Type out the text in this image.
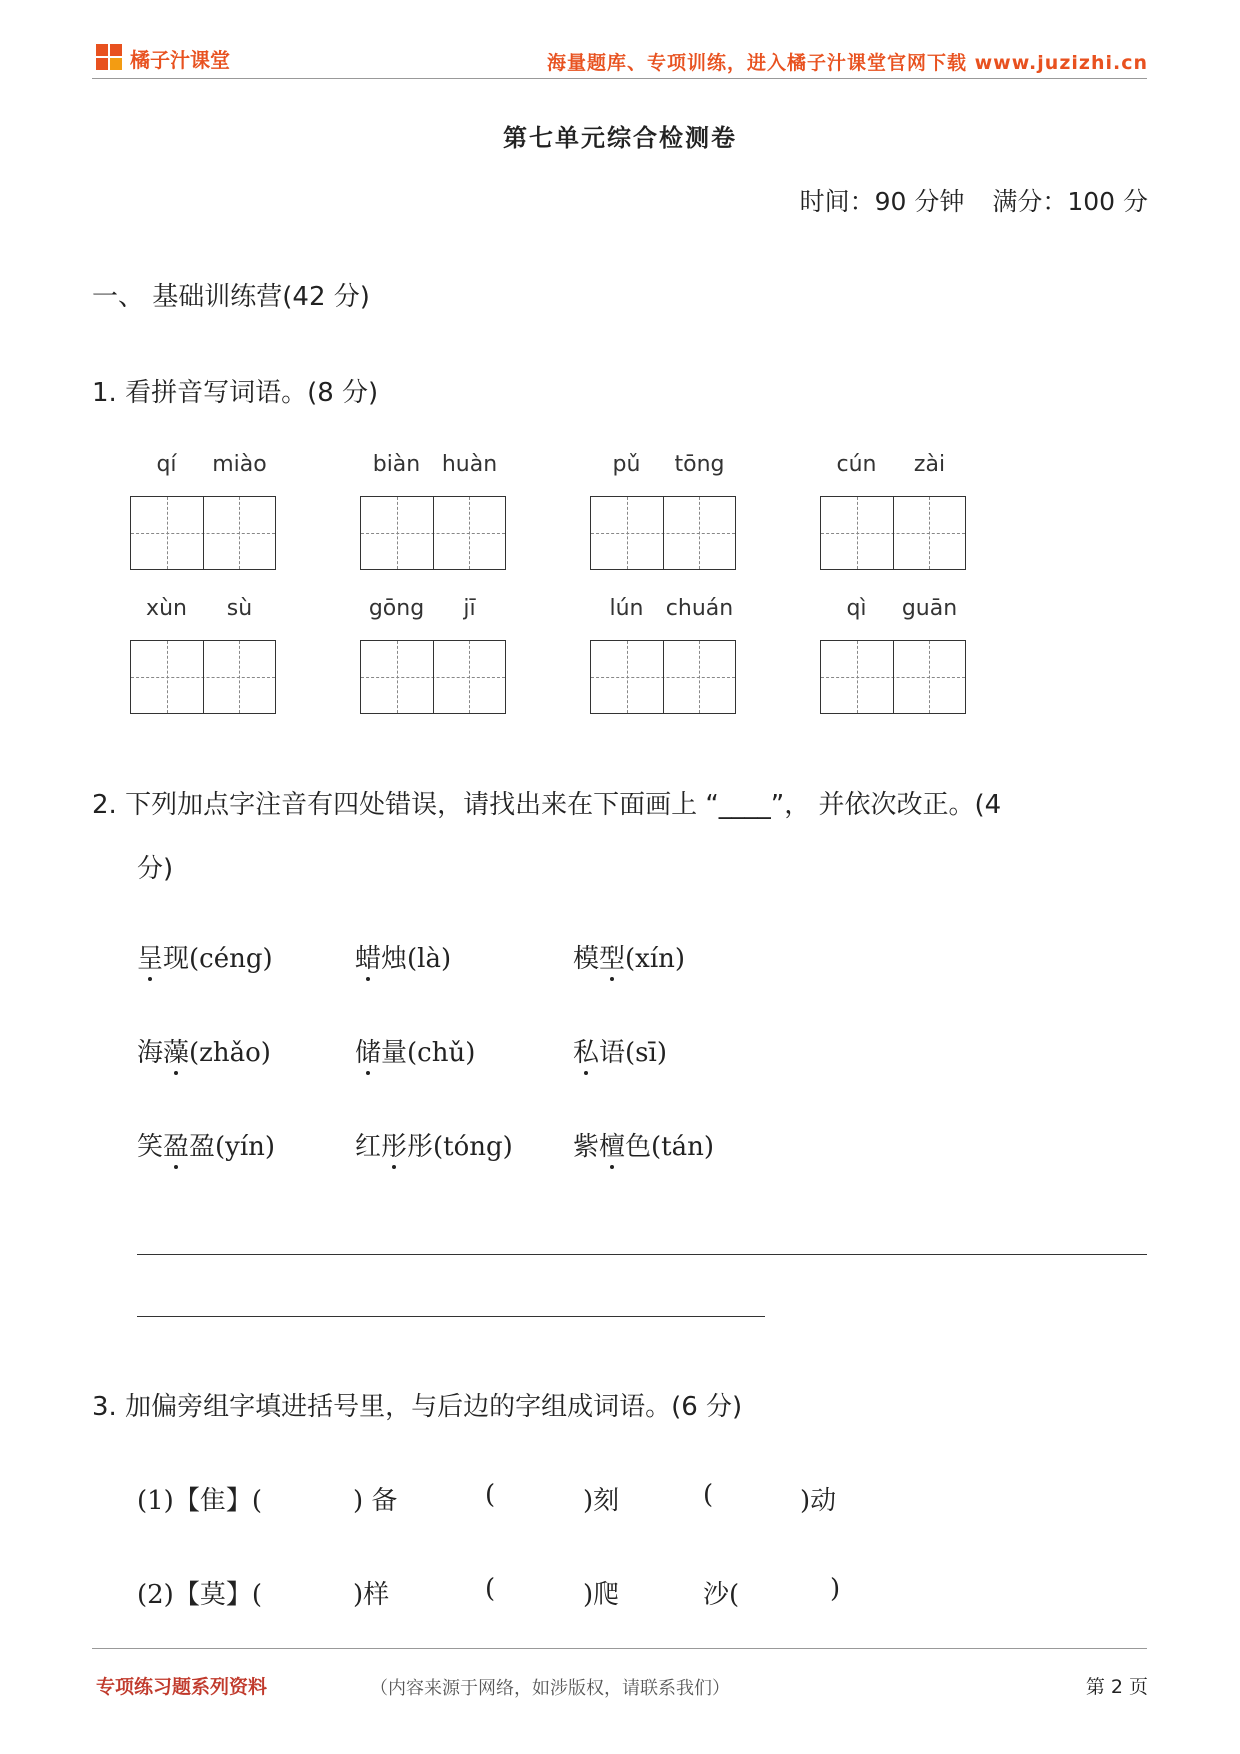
橘子汁课堂	海量题库、专项训练，进入橘子汁课堂官网下载 www.juzizhi.cn
第七单元综合检测卷
时间：90 分钟 满分：100 分
一、 基础训练营(42 分)
1. 看拼音写词语。(8 分)
qí	miào	biàn huàn	pǔ	tōng	cún	zài
xùn	sù	gōng	jī	lún	chuán	qì	guān
2. 下列加点字注音有四处错误，请找出来在下面画上 “____”， 并依次改正。(4
分)
呈现(céng)	蜡烛(là)	模型(xín)
海藻(zhǎo)	储量(chǔ)	私语(sī)
笑盈盈(yín)	红彤彤(tóng) 紫檀色(tán)
3. 加偏旁组字填进括号里，与后边的字组成词语。(6 分)
(1)【隹】(	) 备	(	)刻	(	)动
(2)【莫】(	)样	(	)爬	沙(	)
专项练习题系列资料	（内容来源于网络，如涉版权，请联系我们）	第 2 页
